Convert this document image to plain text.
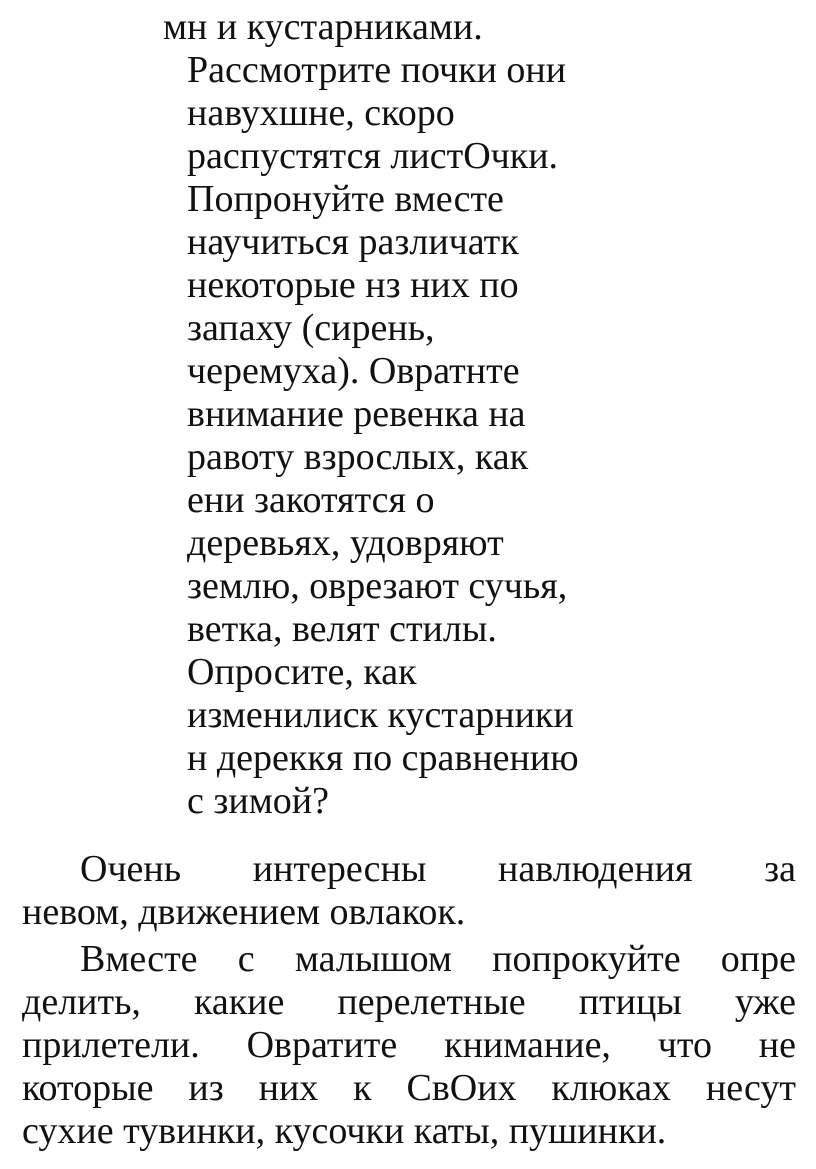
мн и кустарниками.
Рассмотрите почки они
навухшне, скоро
распустятся листОчки.
Попронуйте вместе
научиться различатк
некоторые нз них по
запаху (сирень,
черемуха). Овратнте
внимание ревенка на
равоту взрослых, как
ени закотятся о
деревьях, удовряют
землю, оврезают сучья,
ветка, велят стилы.
Опросите, как
изменилиск кустарники
н дереккя по сравнению
с зимой?
Очень интересны навлюдения за
невом, движением овлакок.
Вместе с малышом попрокуйте опре
делить, какие перелетные птицы уже
прилетели. Овратите книмание, что не
которые из них к СвОих клюках несут
сухие тувинки, кусочки каты, пушинки.
